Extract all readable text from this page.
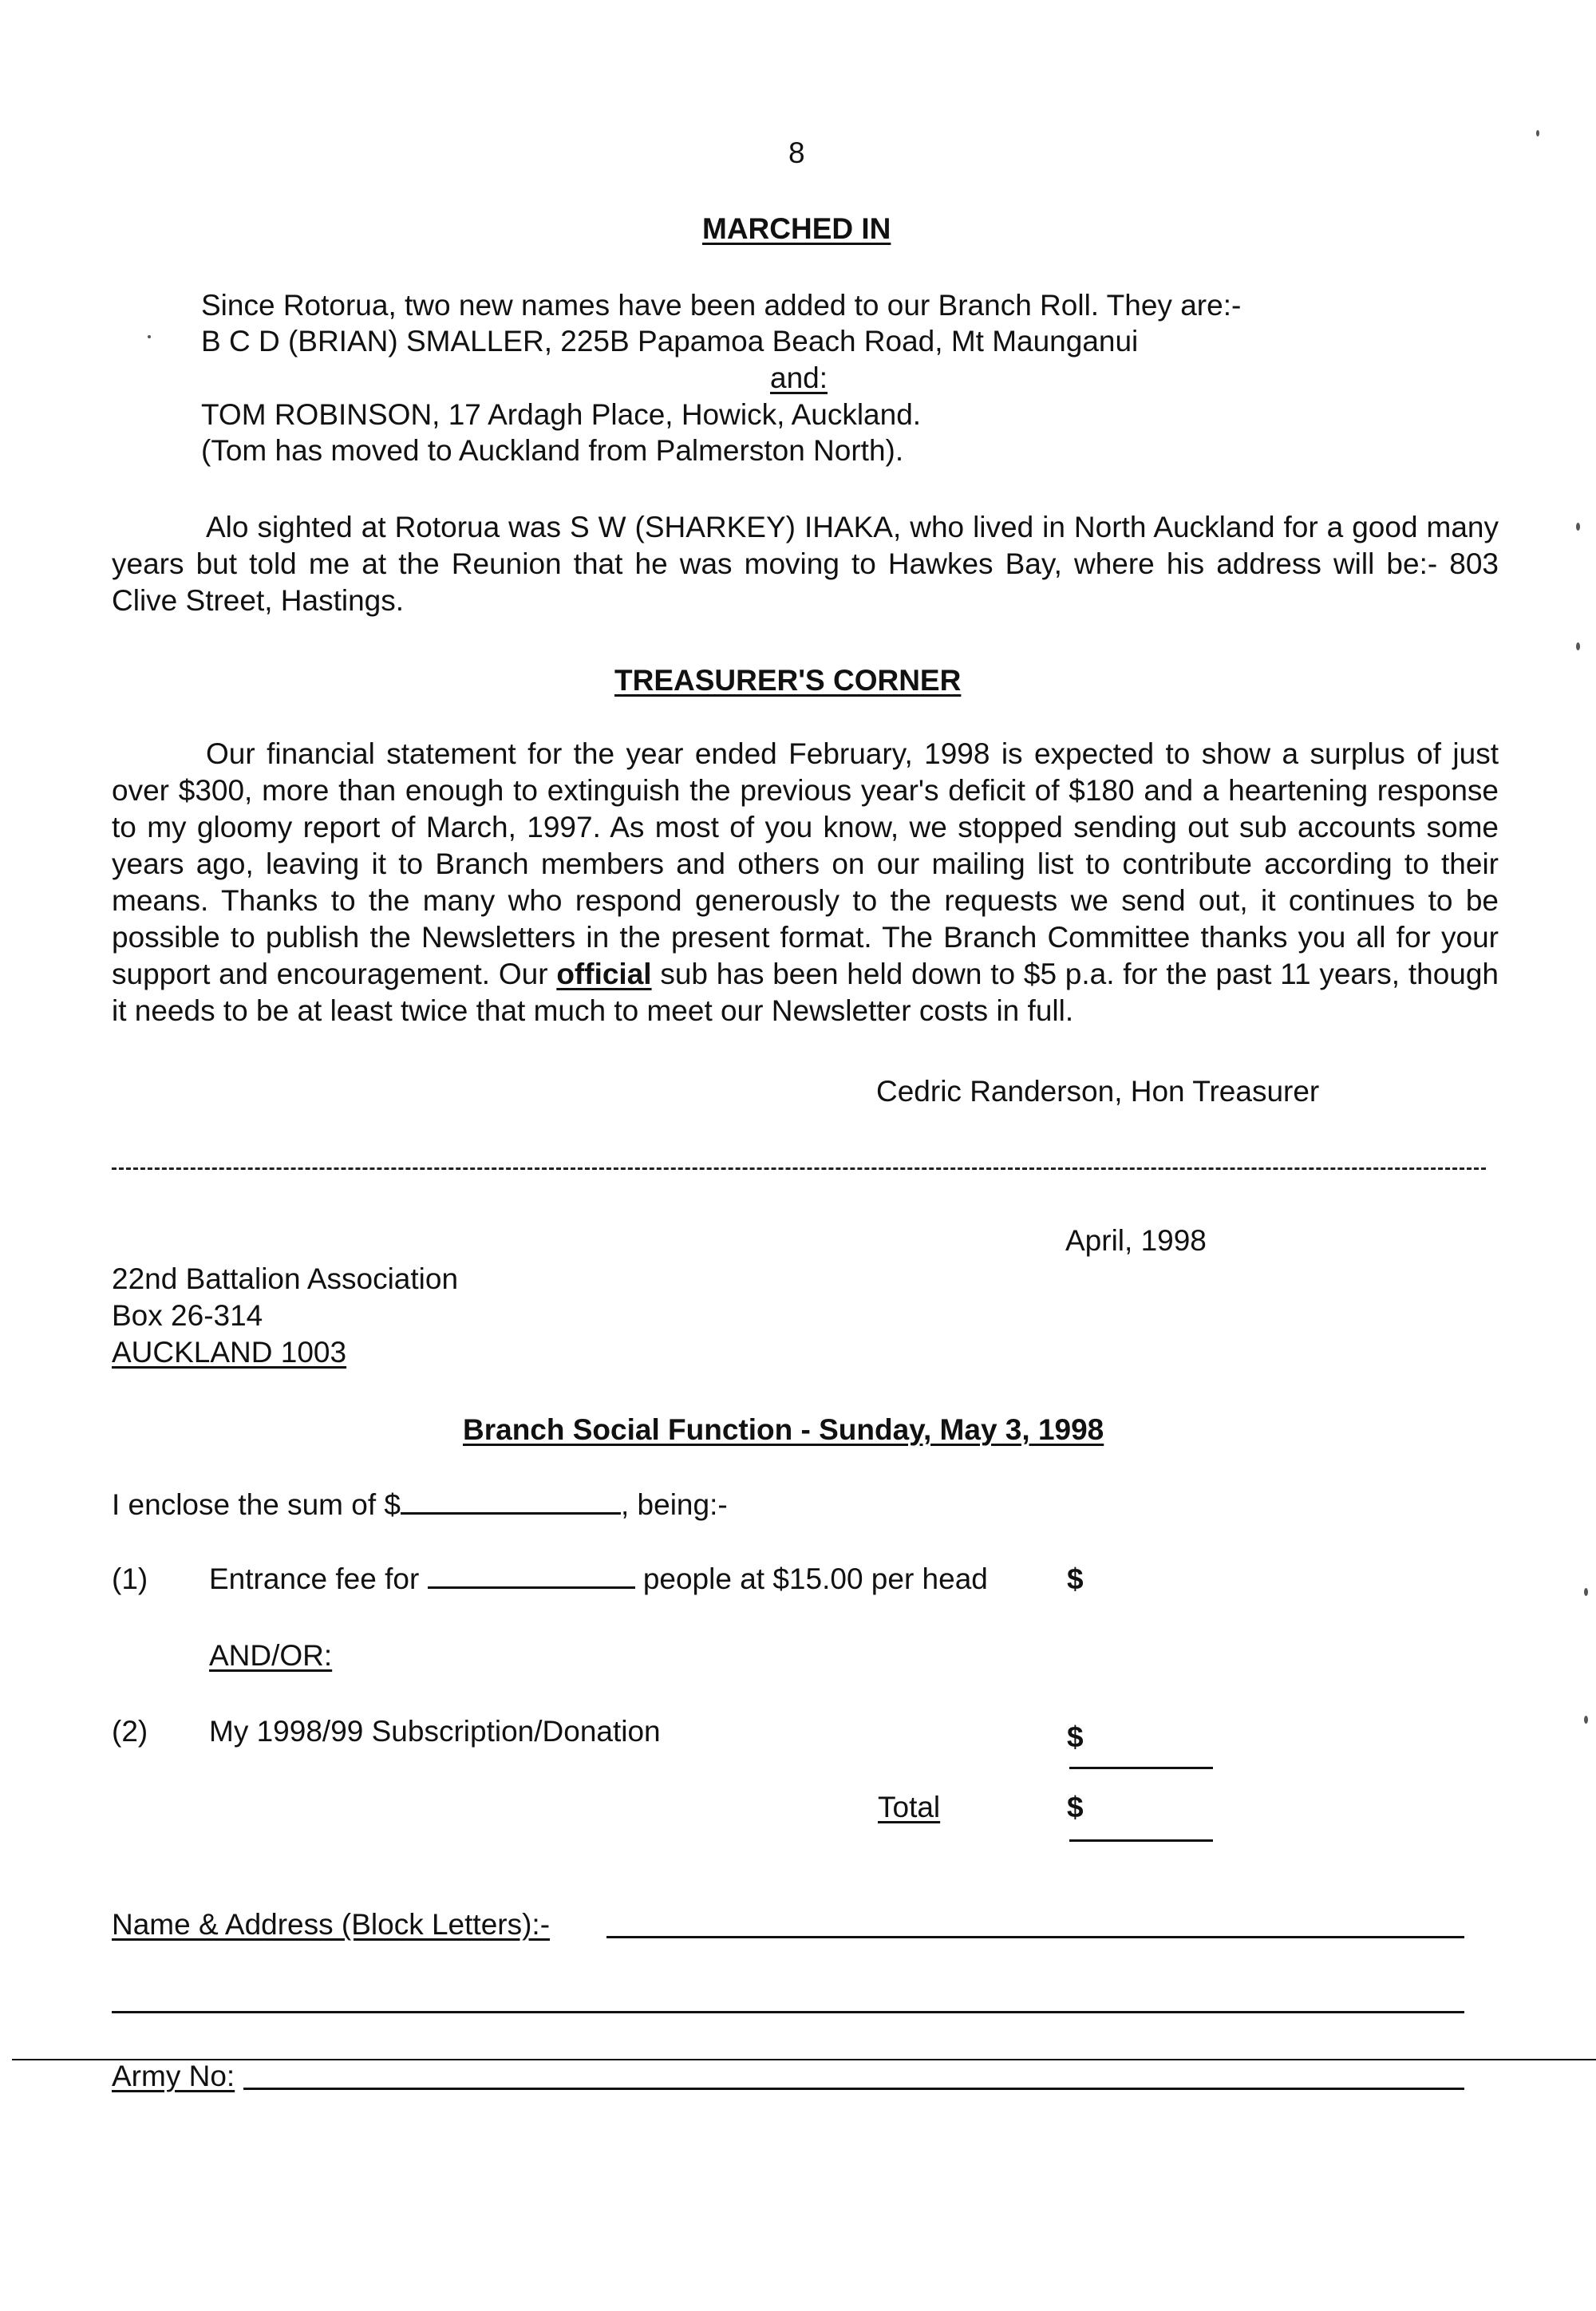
8
MARCHED IN
Since Rotorua, two new names have been added to our Branch Roll. They are:-
B C D (BRIAN) SMALLER, 225B Papamoa Beach Road, Mt Maunganui
and:
TOM ROBINSON, 17 Ardagh Place, Howick, Auckland.
(Tom has moved to Auckland from Palmerston North).
Alo sighted at Rotorua was S W (SHARKEY) IHAKA, who lived in North Auckland for a good many years but told me at the Reunion that he was moving to Hawkes Bay, where his address will be:- 803 Clive Street, Hastings.
TREASURER'S CORNER
Our financial statement for the year ended February, 1998 is expected to show a surplus of just over $300, more than enough to extinguish the previous year's deficit of $180 and a heartening response to my gloomy report of March, 1997. As most of you know, we stopped sending out sub accounts some years ago, leaving it to Branch members and others on our mailing list to contribute according to their means. Thanks to the many who respond generously to the requests we send out, it continues to be possible to publish the Newsletters in the present format. The Branch Committee thanks you all for your support and encouragement. Our official sub has been held down to $5 p.a. for the past 11 years, though it needs to be at least twice that much to meet our Newsletter costs in full.
Cedric Randerson, Hon Treasurer
April, 1998
22nd Battalion Association
Box 26-314
AUCKLAND 1003
Branch Social Function - Sunday, May 3, 1998
I enclose the sum of $	, being:-
(1) Entrance fee for	people at $15.00 per head	$
AND/OR:
(2) My 1998/99 Subscription/Donation	$
Total	$
Name & Address (Block Letters):-
Army No:
